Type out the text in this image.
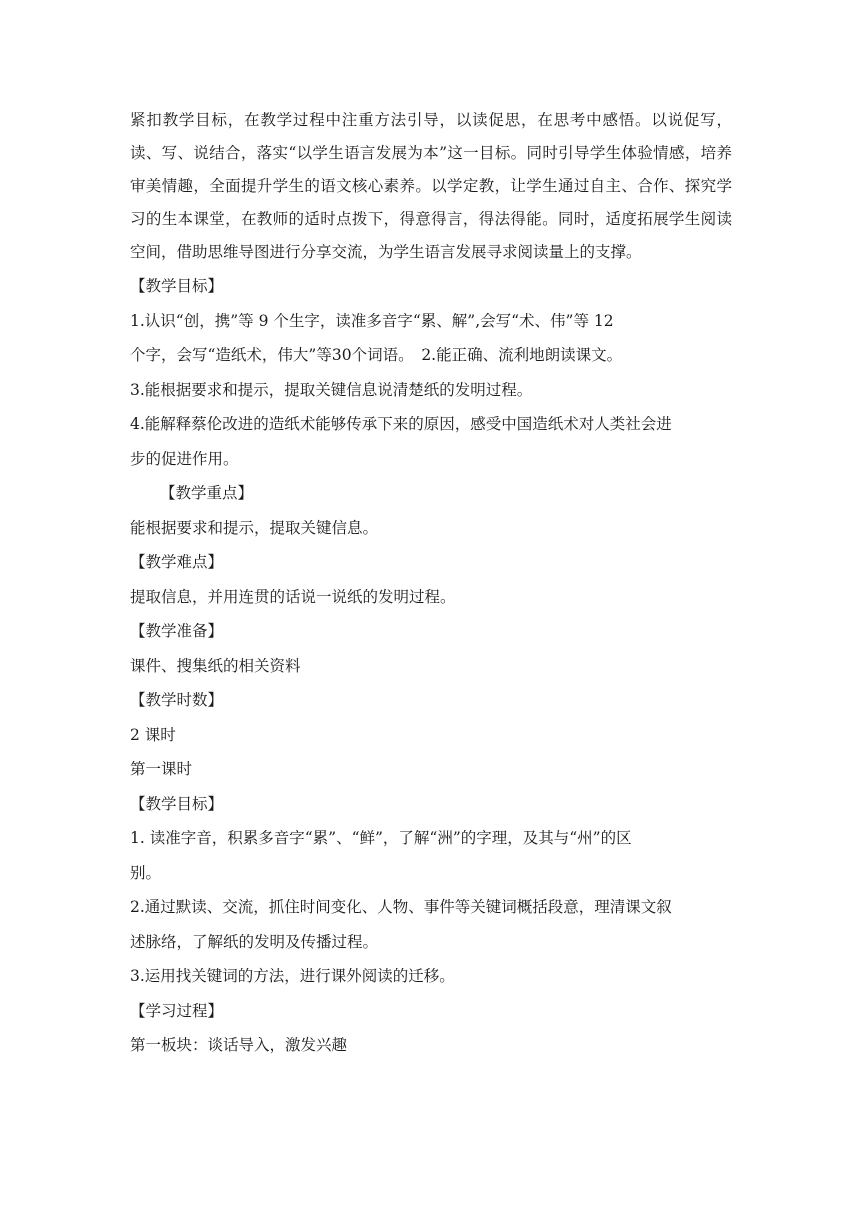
紧扣教学目标，在教学过程中注重方法引导，以读促思，在思考中感悟。以说促写，读、写、说结合，落实“以学生语言发展为本”这一目标。同时引导学生体验情感，培养审美情趣，全面提升学生的语文核心素养。以学定教，让学生通过自主、合作、探究学习的生本课堂，在教师的适时点拨下，得意得言，得法得能。同时，适度拓展学生阅读空间，借助思维导图进行分享交流，为学生语言发展寻求阅读量上的支撑。

【教学目标】

1.认识“创，携”等 9 个生字，读准多音字“累、解”,会写“术、伟”等 12

个字，会写“造纸术，伟大”等30个词语。　2.能正确、流利地朗读课文。

3.能根据要求和提示，提取关键信息说清楚纸的发明过程。

4.能解释蔡伦改进的造纸术能够传承下来的原因，感受中国造纸术对人类社会进

步的促进作用。

【教学重点】

能根据要求和提示，提取关键信息。

【教学难点】

提取信息，并用连贯的话说一说纸的发明过程。

【教学准备】

课件、搜集纸的相关资料

【教学时数】

2 课时

第一课时

【教学目标】

1. 读准字音，积累多音字“累”、“鲜”，了解“洲”的字理，及其与“州”的区

别。

2.通过默读、交流，抓住时间变化、人物、事件等关键词概括段意，理清课文叙

述脉络，了解纸的发明及传播过程。

3.运用找关键词的方法，进行课外阅读的迁移。

【学习过程】

第一板块：谈话导入，激发兴趣
